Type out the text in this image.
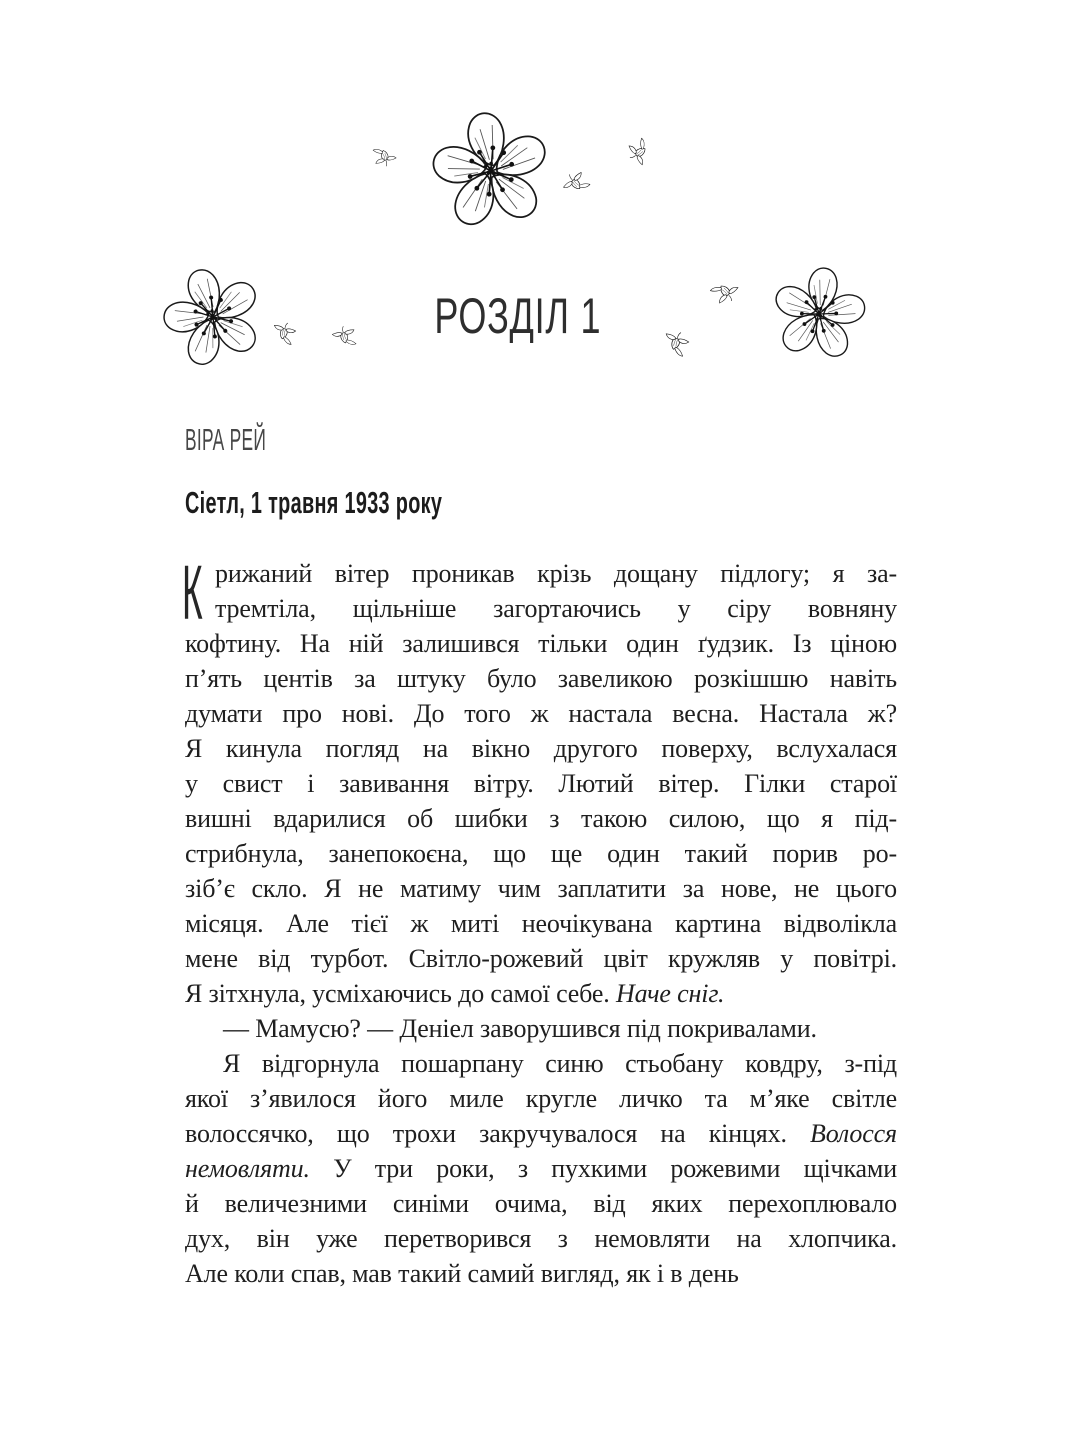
РОЗДІЛ 1
ВІРА РЕЙ
Сіетл, 1 травня 1933 року
К рижаний вітер проникав крізь дощану підлогу; я за-
тремтіла, щільніше загортаючись у сіру вовняну
кофтину. На ній залишився тільки один ґудзик. Із ціною
п’ять центів за штуку було завеликою розкішшю навіть
думати про нові. До того ж настала весна. Настала ж?
Я кинула погляд на вікно другого поверху, вслухалася
у свист і завивання вітру. Лютий вітер. Гілки старої
вишні вдарилися об шибки з такою силою, що я під-
стрибнула, занепокоєна, що ще один такий порив ро-
зіб’є скло. Я не матиму чим заплатити за нове, не цього
місяця. Але тієї ж миті неочікувана картина відволікла
мене від турбот. Світло-рожевий цвіт кружляв у повітрі.
Я зітхнула, усміхаючись до самої себе. Наче сніг.
— Мамусю? — Деніел заворушився під покривалами.
Я відгорнула пошарпану синю стьобану ковдру, з-під
якої з’явилося його миле кругле личко та м’яке світле
волоссячко, що трохи закручувалося на кінцях. Волосся
немовляти. У три роки, з пухкими рожевими щічками
й величезними синіми очима, від яких перехоплювало
дух, він уже перетворився з немовляти на хлопчика.
Але коли спав, мав такий самий вигляд, як і в день
